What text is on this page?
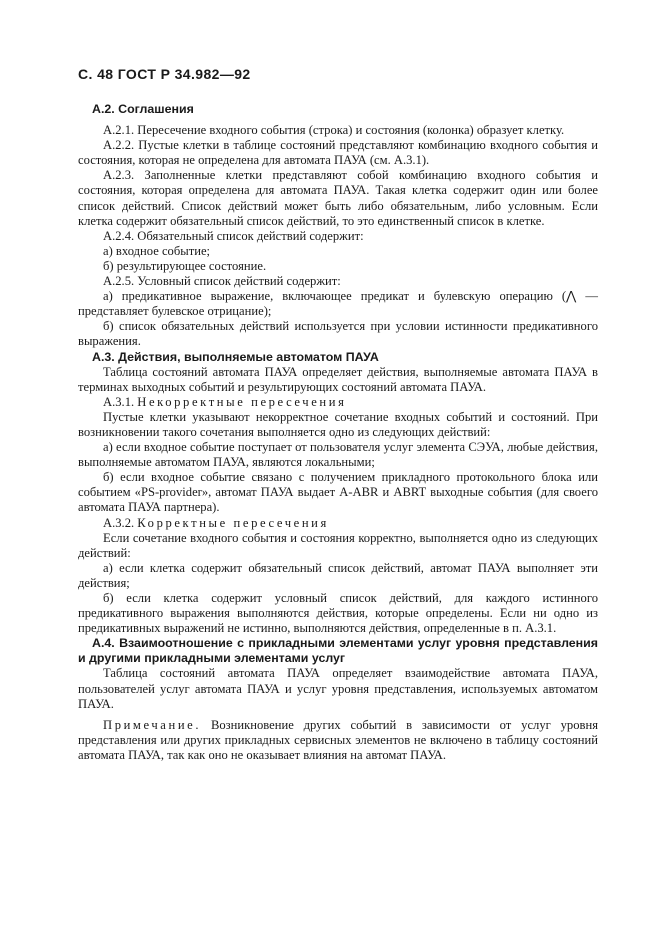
С. 48 ГОСТ Р 34.982—92

А.2. Соглашения

А.2.1. Пересечение входного события (строка) и состояния (колонка) образует клетку.

А.2.2. Пустые клетки в таблице состояний представляют комбинацию входного события и состояния, которая не определена для автомата ПАУА (см. А.3.1).

А.2.3. Заполненные клетки представляют собой комбинацию входного события и состояния, которая определена для автомата ПАУА. Такая клетка содержит один или более список действий. Список действий может быть либо обязательным, либо условным. Если клетка содержит обязательный список действий, то это единственный список в клетке.

А.2.4. Обязательный список действий содержит:

а) входное событие;

б) результирующее состояние.

А.2.5. Условный список действий содержит:

а) предикативное выражение, включающее предикат и булевскую операцию (⋀ — представляет булевское отрицание);

б) список обязательных действий используется при условии истинности предикативного выражения.

А.3. Действия, выполняемые автоматом ПАУА

Таблица состояний автомата ПАУА определяет действия, выполняемые автомата ПАУА в терминах выходных событий и результирующих состояний автомата ПАУА.

А.3.1. Некорректные пересечения

Пустые клетки указывают некорректное сочетание входных событий и состояний. При возникновении такого сочетания выполняется одно из следующих действий:

а) если входное событие поступает от пользователя услуг элемента СЭУА, любые действия, выполняемые автоматом ПАУА, являются локальными;

б) если входное событие связано с получением прикладного протокольного блока или событием «PS-provider», автомат ПАУА выдает A-ABR и ABRT выходные события (для своего автомата ПАУА партнера).

А.3.2. Корректные пересечения

Если сочетание входного события и состояния корректно, выполняется одно из следующих действий:

а) если клетка содержит обязательный список действий, автомат ПАУА выполняет эти действия;

б) если клетка содержит условный список действий, для каждого истинного предикативного выражения выполняются действия, которые определены. Если ни одно из предикативных выражений не истинно, выполняются действия, определенные в п. А.3.1.

А.4. Взаимоотношение с прикладными элементами услуг уровня представления и другими прикладными элементами услуг

Таблица состояний автомата ПАУА определяет взаимодействие автомата ПАУА, пользователей услуг автомата ПАУА и услуг уровня представления, используемых автоматом ПАУА.

Примечание. Возникновение других событий в зависимости от услуг уровня представления или других прикладных сервисных элементов не включено в таблицу состояний автомата ПАУА, так как оно не оказывает влияния на автомат ПАУА.
